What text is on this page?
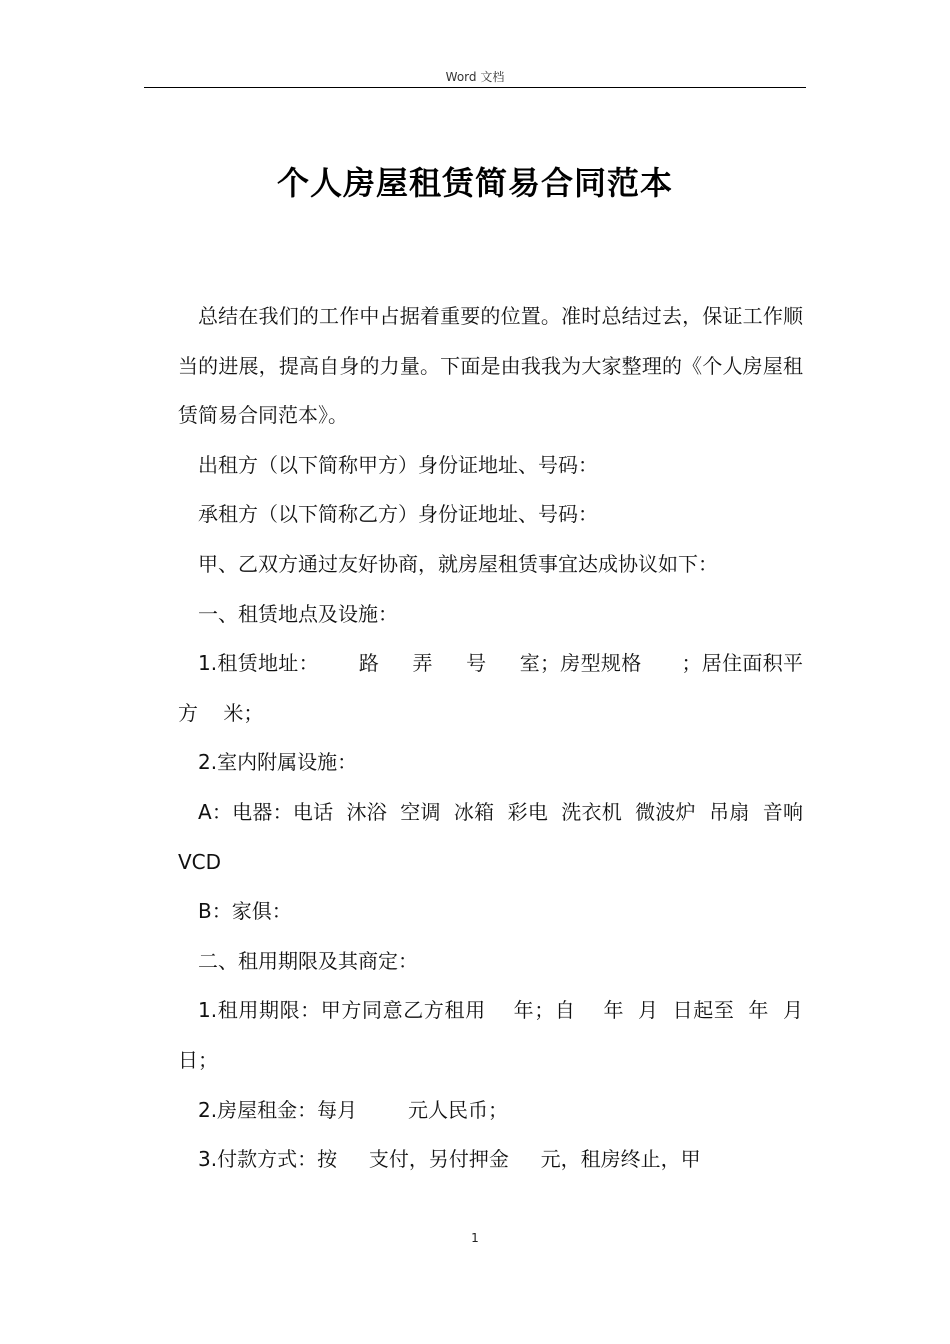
Word 文档
个人房屋租赁简易合同范本

总结在我们的工作中占据着重要的位置。准时总结过去，保证工作顺当的进展，提高自身的力量。下面是由我我为大家整理的《个人房屋租赁简易合同范本》。

出租方（以下简称甲方）身份证地址、号码：

承租方（以下简称乙方）身份证地址、号码：

甲、乙双方通过友好协商，就房屋租赁事宜达成协议如下：

一、租赁地点及设施：

1.租赁地址：      路     弄     号     室；房型规格      ；居住面积平方    米；

2.室内附属设施：

A：电器：电话  沐浴  空调  冰箱  彩电  洗衣机  微波炉  吊扇  音响  VCD

B：家俱：

二、租用期限及其商定：

1.租用期限：甲方同意乙方租用    年；自    年  月  日起至  年  月  日；

2.房屋租金：每月        元人民币；

3.付款方式：按     支付，另付押金     元，租房终止，甲

1
